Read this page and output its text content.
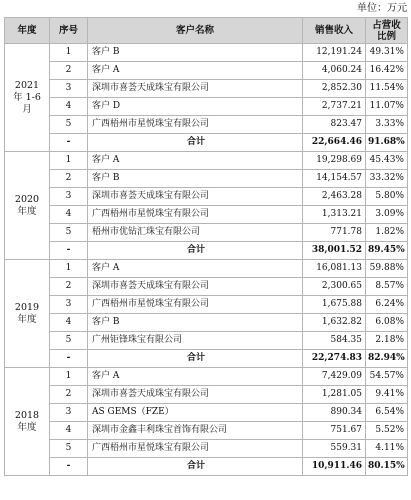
单位：万元
年度	序号	客户名称	销售收入	占营收比例

2021
年 1-6
月	1	客户 B	12,191.24	49.31%
	2	客户 A	4,060.24	16.42%
	3	深圳市喜荟天成珠宝有限公司	2,852.30	11.54%
	4	客户 D	2,737.21	11.07%
	5	广西梧州市星悦珠宝有限公司	823.47	3.33%
	-	合计	22,664.46	91.68%

2020
年度	1	客户 A	19,298.69	45.43%
	2	客户 B	14,154.57	33.32%
	3	深圳市喜荟天成珠宝有限公司	2,463.28	5.80%
	4	广西梧州市星悦珠宝有限公司	1,313.21	3.09%
	5	梧州市优钻汇珠宝有限公司	771.78	1.82%
	-	合计	38,001.52	89.45%

2019
年度	1	客户 A	16,081.13	59.88%
	2	深圳市喜荟天成珠宝有限公司	2,300.65	8.57%
	3	广西梧州市星悦珠宝有限公司	1,675.88	6.24%
	4	客户 B	1,632.82	6.08%
	5	广州钜锋珠宝有限公司	584.35	2.18%
	-	合计	22,274.83	82.94%

2018
年度	1	客户 A	7,429.09	54.57%
	2	深圳市喜荟天成珠宝有限公司	1,281.05	9.41%
	3	AS GEMS（FZE）	890.34	6.54%
	4	深圳市金鑫丰利珠宝首饰有限公司	751.67	5.52%
	5	广西梧州市星悦珠宝有限公司	559.31	4.11%
	-	合计	10,911.46	80.15%
